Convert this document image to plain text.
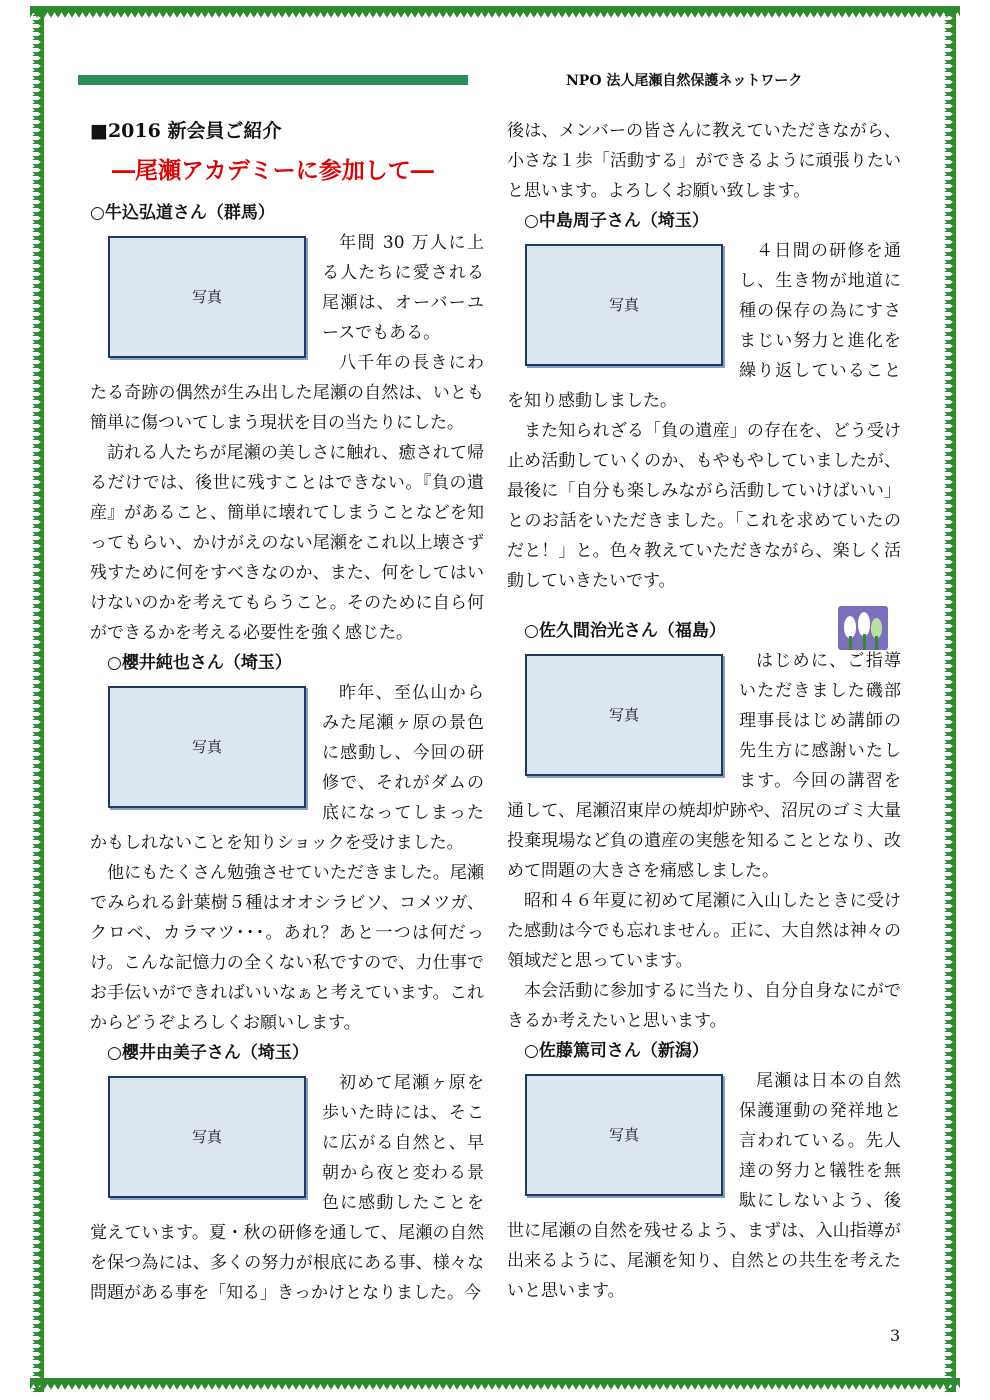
NPO 法人尾瀬自然保護ネットワーク
■2016 新会員ご紹介
―尾瀬アカデミーに参加して―
○牛込弘道さん（群馬）
写真

年間 30 万人に上る人たちに愛される尾瀬は、オーバーユースでもある。

八千年の長きにわたる奇跡の偶然が生み出した尾瀬の自然は、いとも簡単に傷ついてしまう現状を目の当たりにした。

訪れる人たちが尾瀬の美しさに触れ、癒されて帰るだけでは、後世に残すことはできない。『負の遺産』があること、簡単に壊れてしまうことなどを知ってもらい、かけがえのない尾瀬をこれ以上壊さず残すために何をすべきなのか、また、何をしてはいけないのかを考えてもらうこと。そのために自ら何ができるかを考える必要性を強く感じた。

○櫻井純也さん（埼玉）
写真

昨年、至仏山からみた尾瀬ヶ原の景色に感動し、今回の研修で、それがダムの底になってしまったかもしれないことを知りショックを受けました。

他にもたくさん勉強させていただきました。尾瀬でみられる針葉樹５種はオオシラビソ、コメツガ、クロベ、カラマツ･･･。あれ？あと一つは何だっけ。こんな記憶力の全くない私ですので、力仕事でお手伝いができればいいなぁと考えています。これからどうぞよろしくお願いします。

○櫻井由美子さん（埼玉）
写真

初めて尾瀬ヶ原を歩いた時には、そこに広がる自然と、早朝から夜と変わる景色に感動したことを覚えています。夏・秋の研修を通して、尾瀬の自然を保つ為には、多くの努力が根底にある事、様々な問題がある事を「知る」きっかけとなりました。今

後は、メンバーの皆さんに教えていただきながら、小さな１歩「活動する」ができるように頑張りたいと思います。よろしくお願い致します。

○中島周子さん（埼玉）
写真

４日間の研修を通し、生き物が地道に種の保存の為にすさまじい努力と進化を繰り返していることを知り感動しました。

また知られざる「負の遺産」の存在を、どう受け止め活動していくのか、もやもやしていましたが、最後に「自分も楽しみながら活動していけばいい」とのお話をいただきました。「これを求めていたのだと！」と。色々教えていただきながら、楽しく活動していきたいです。

○佐久間治光さん（福島）
写真

はじめに、ご指導いただきました磯部理事長はじめ講師の先生方に感謝いたします。今回の講習を通して、尾瀬沼東岸の焼却炉跡や、沼尻のゴミ大量投棄現場など負の遺産の実態を知ることとなり、改めて問題の大きさを痛感しました。

昭和４６年夏に初めて尾瀬に入山したときに受けた感動は今でも忘れません。正に、大自然は神々の領域だと思っています。

本会活動に参加するに当たり、自分自身なにができるか考えたいと思います。

○佐藤篤司さん（新潟）
写真

尾瀬は日本の自然保護運動の発祥地と言われている。先人達の努力と犠牲を無駄にしないよう、後世に尾瀬の自然を残せるよう、まずは、入山指導が出来るように、尾瀬を知り、自然との共生を考えたいと思います。

3
